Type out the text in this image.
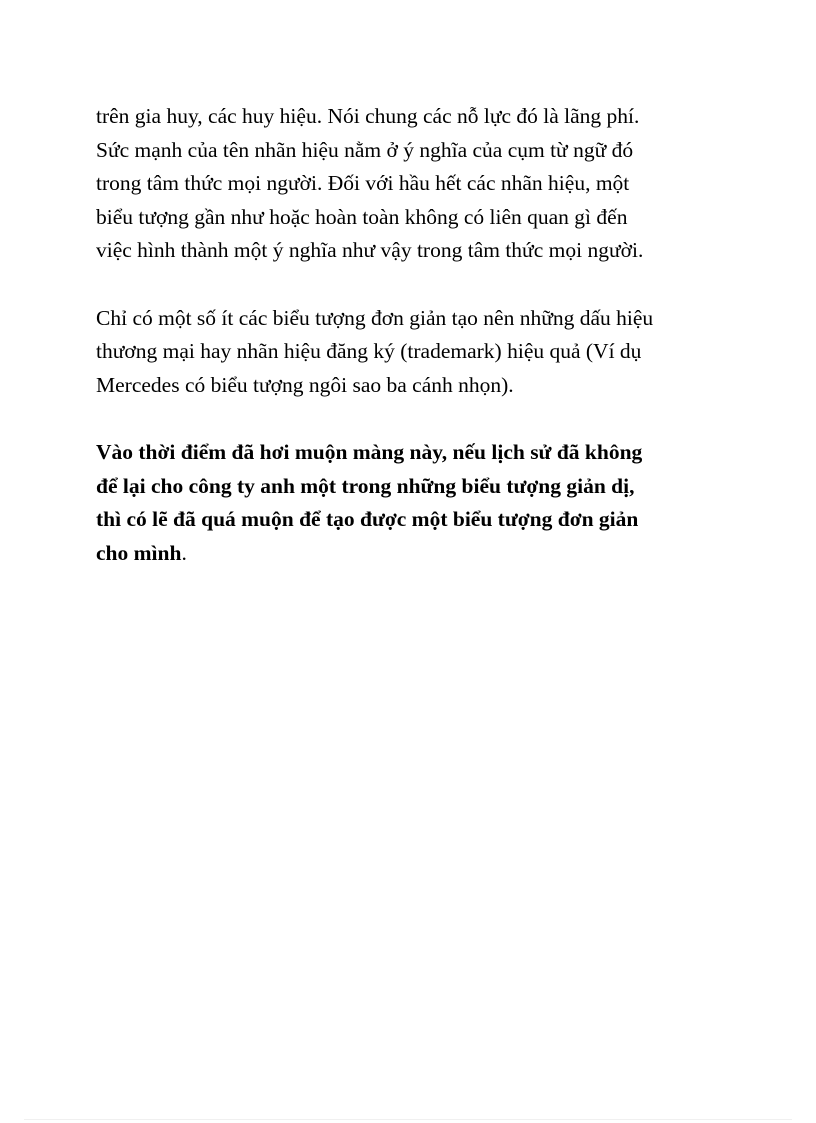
trên gia huy, các huy hiệu. Nói chung các nỗ lực đó là lãng phí.
Sức mạnh của tên nhãn hiệu nằm ở ý nghĩa của cụm từ ngữ đó
trong tâm thức mọi người. Đối với hầu hết các nhãn hiệu, một
biểu tượng gần như hoặc hoàn toàn không có liên quan gì đến
việc hình thành một ý nghĩa như vậy trong tâm thức mọi người.

Chỉ có một số ít các biểu tượng đơn giản tạo nên những dấu hiệu
thương mại hay nhãn hiệu đăng ký (trademark) hiệu quả (Ví dụ
Mercedes có biểu tượng ngôi sao ba cánh nhọn).

Vào thời điểm đã hơi muộn màng này, nếu lịch sử đã không
để lại cho công ty anh một trong những biểu tượng giản dị,
thì có lẽ đã quá muộn để tạo được một biểu tượng đơn giản
cho mình.
